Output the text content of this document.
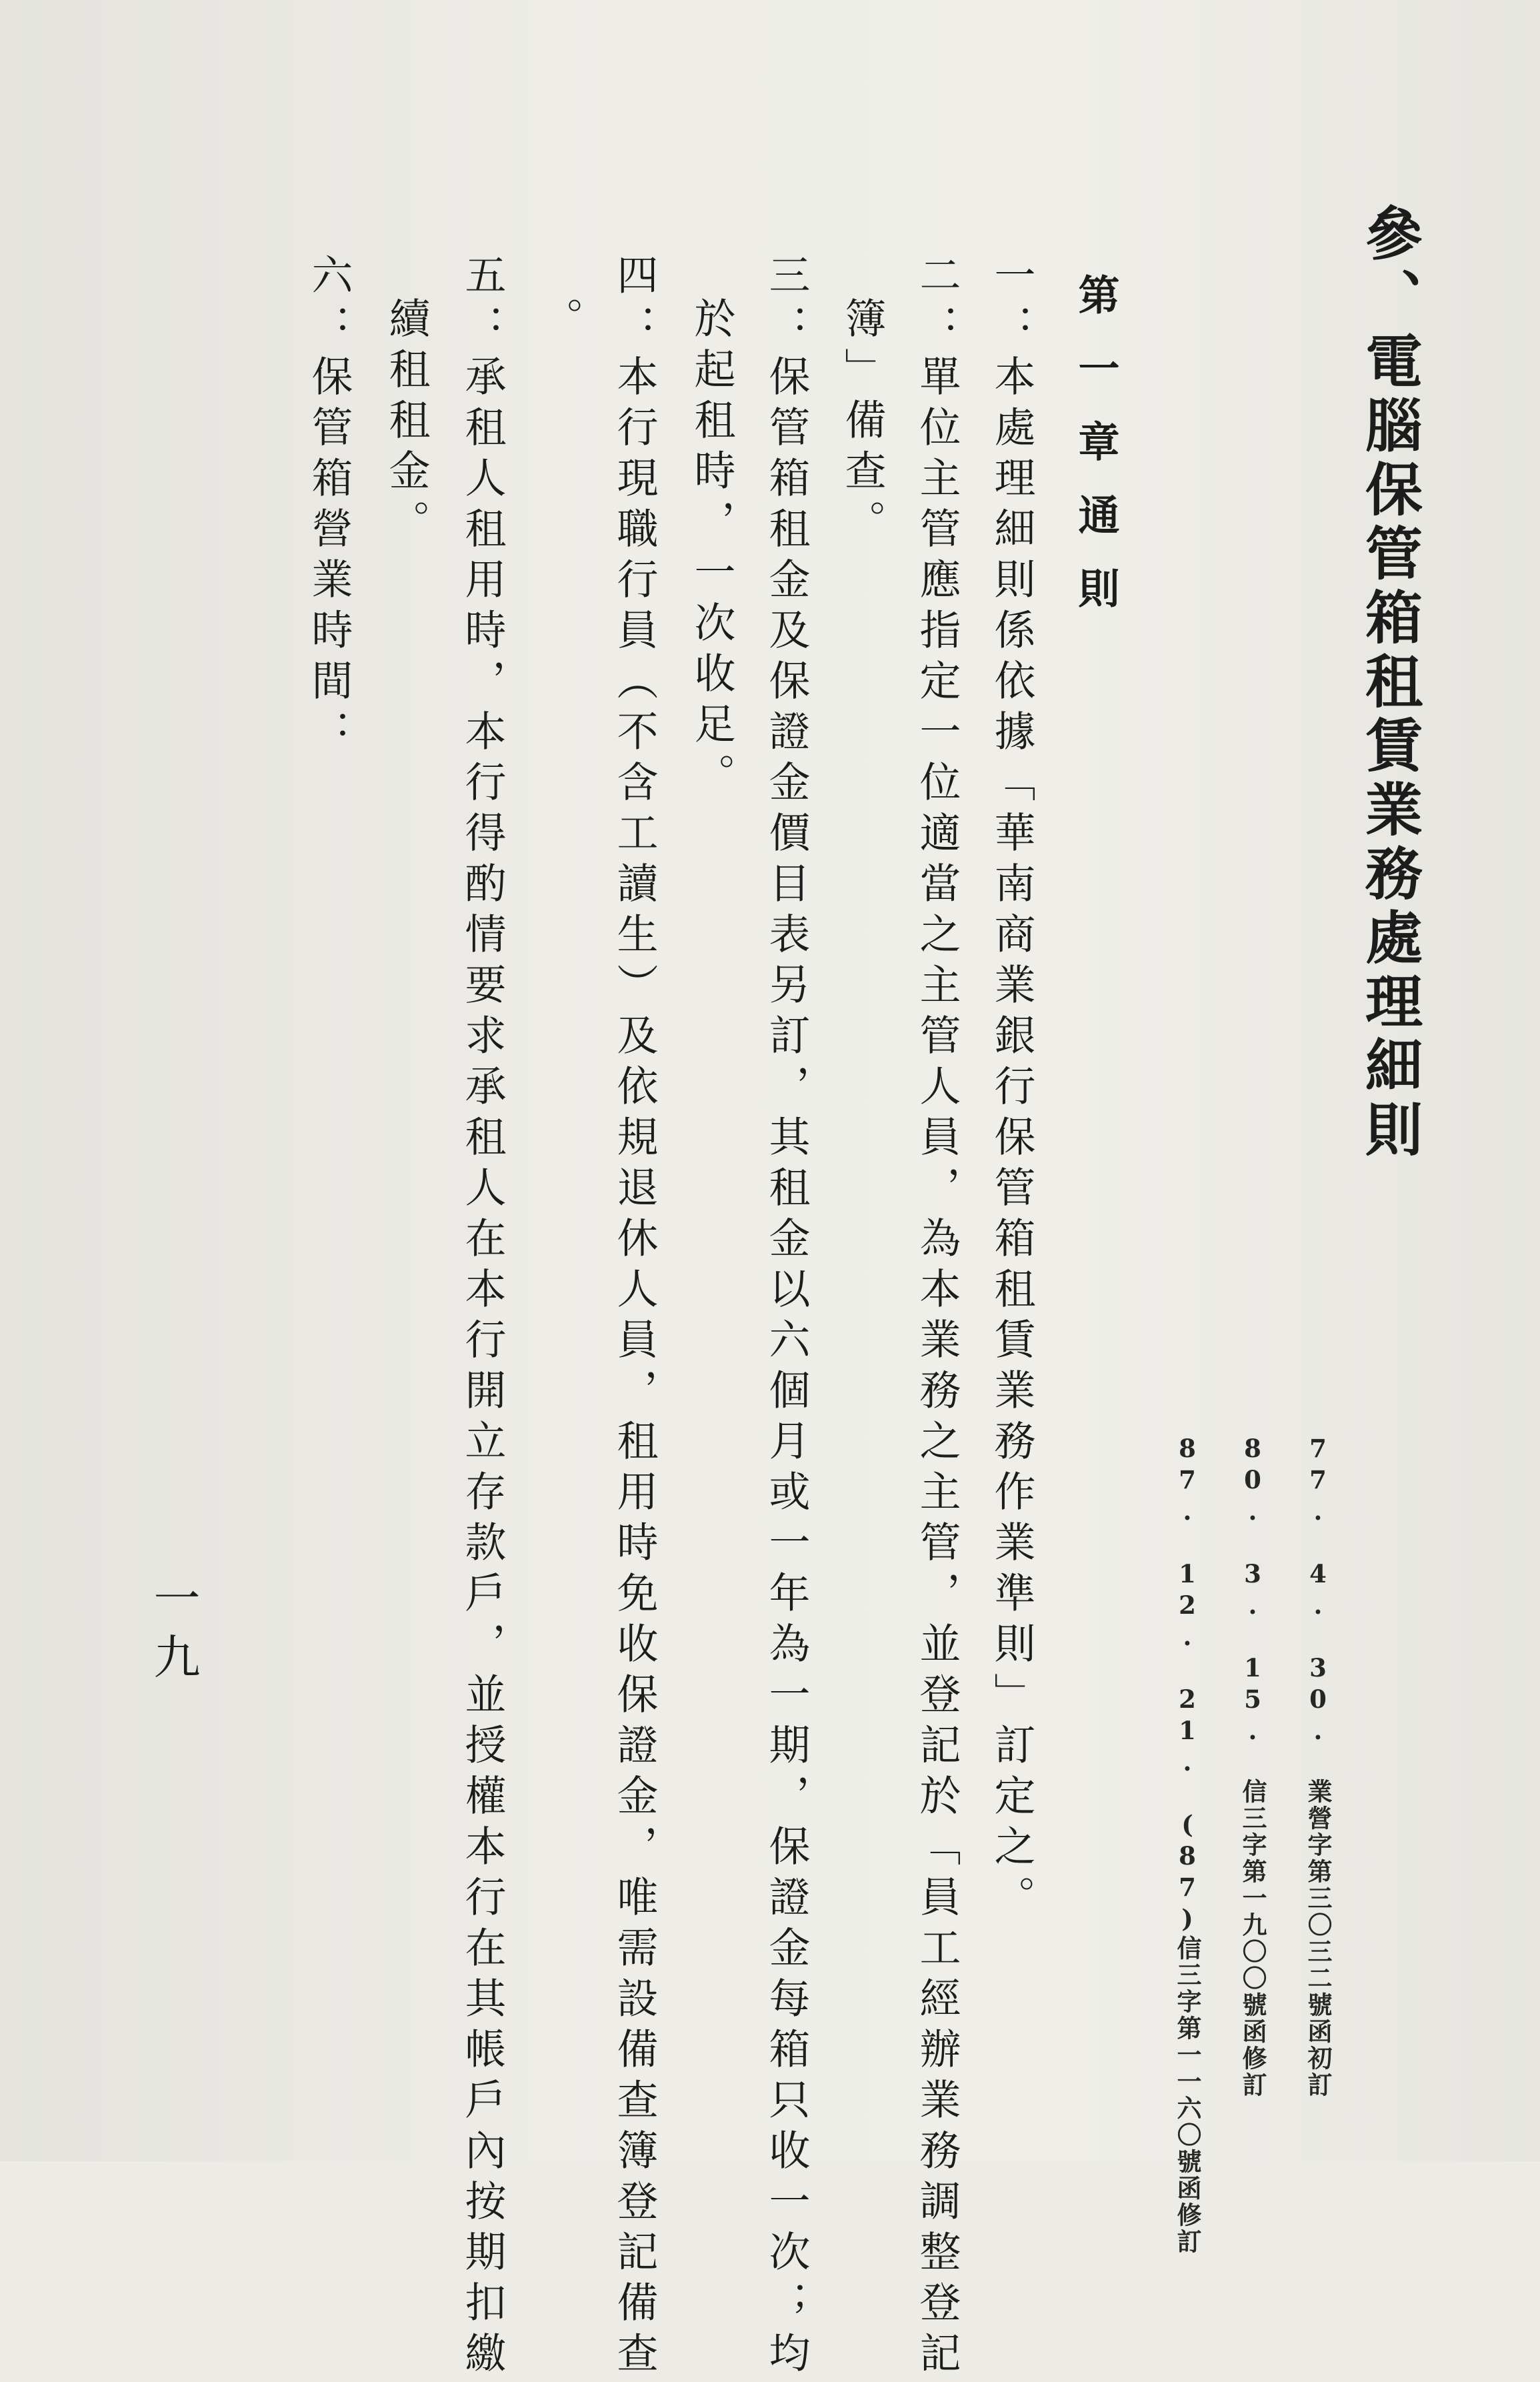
參、電腦保管箱租賃業務處理細則
77. 4. 30. 業營字第三〇三二號函初訂
80. 3. 15. 信三字第一九〇〇號函修訂
87. 12. 21. (87)信三字第一一六〇號函修訂
第一章通則
一：本處理細則係依據「華南商業銀行保管箱租賃業務作業準則」訂定之。
二：單位主管應指定一位適當之主管人員，為本業務之主管，並登記於「員工經辦業務調整登記
簿」備查。
三：保管箱租金及保證金價目表另訂，其租金以六個月或一年為一期，保證金每箱只收一次；均
於起租時，一次收足。
四：本行現職行員（不含工讀生）及依規退休人員，租用時免收保證金，唯需設備查簿登記備查
。
五：承租人租用時，本行得酌情要求承租人在本行開立存款戶，並授權本行在其帳戶內按期扣繳
續租租金。
六：保管箱營業時間：
一九
